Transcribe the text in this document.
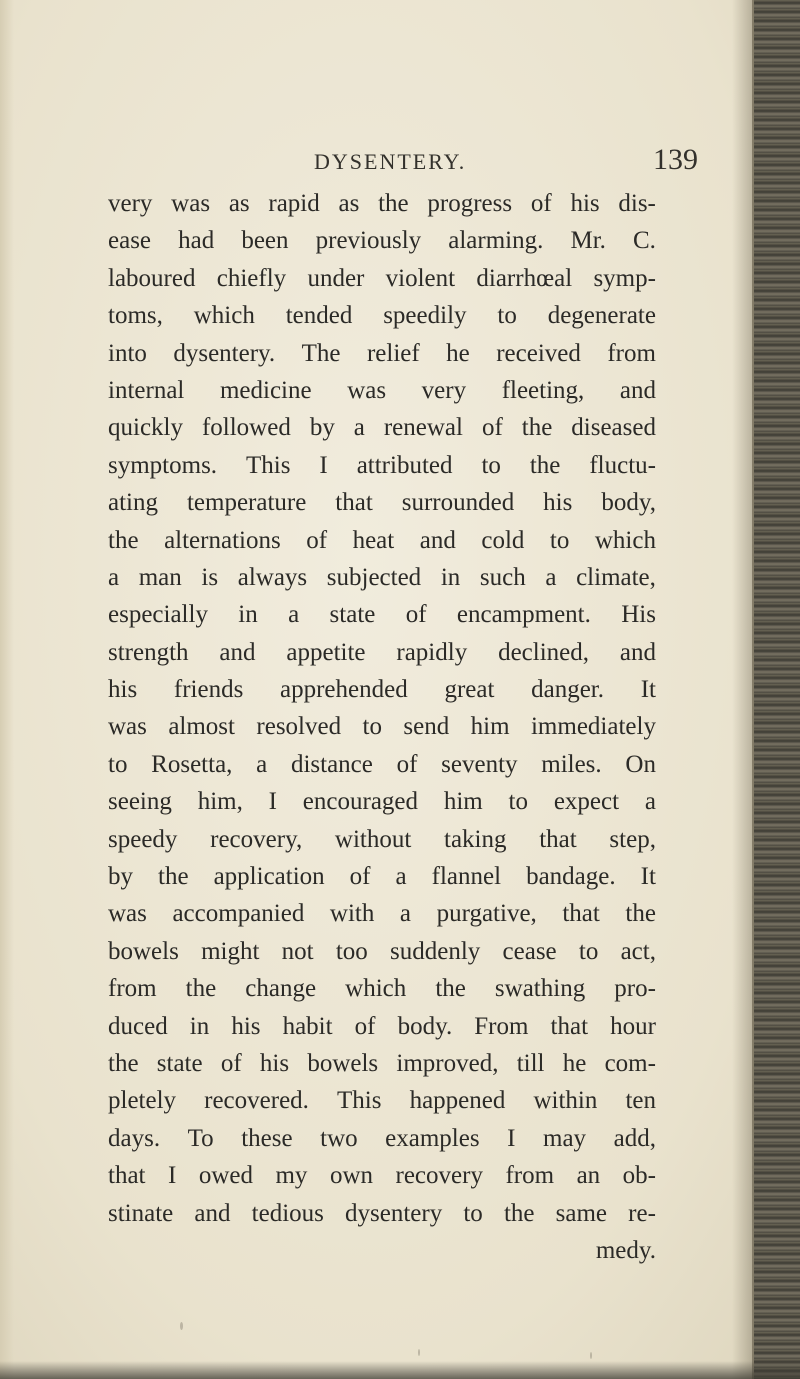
DYSENTERY.	139
very was as rapid as the progress of his dis-
ease had been previously alarming. Mr. C.
laboured chiefly under violent diarrhœal symp-
toms, which tended speedily to degenerate
into dysentery. The relief he received from
internal medicine was very fleeting, and
quickly followed by a renewal of the diseased
symptoms. This I attributed to the fluctu-
ating temperature that surrounded his body,
the alternations of heat and cold to which
a man is always subjected in such a climate,
especially in a state of encampment. His
strength and appetite rapidly declined, and
his friends apprehended great danger. It
was almost resolved to send him immediately
to Rosetta, a distance of seventy miles. On
seeing him, I encouraged him to expect a
speedy recovery, without taking that step,
by the application of a flannel bandage. It
was accompanied with a purgative, that the
bowels might not too suddenly cease to act,
from the change which the swathing pro-
duced in his habit of body. From that hour
the state of his bowels improved, till he com-
pletely recovered. This happened within ten
days. To these two examples I may add,
that I owed my own recovery from an ob-
stinate and tedious dysentery to the same re-
medy.
